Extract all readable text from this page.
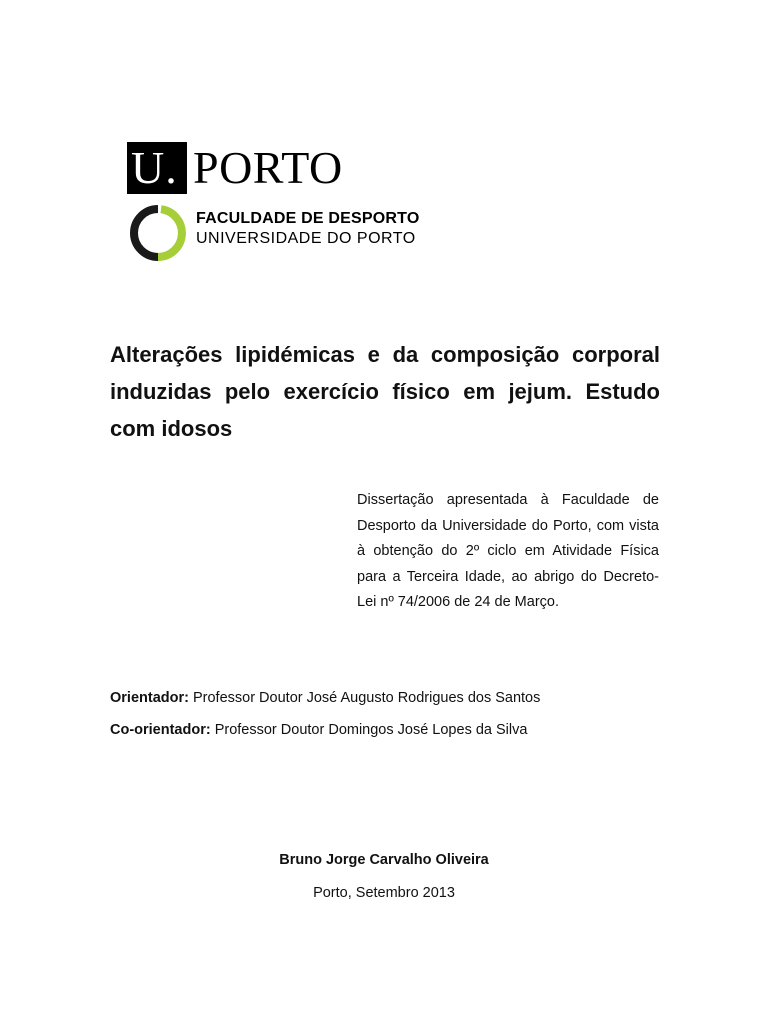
U. PORTO
FACULDADE DE DESPORTO
UNIVERSIDADE DO PORTO

Alterações lipidémicas e da composição corporal induzidas pelo exercício físico em jejum. Estudo com idosos

Dissertação apresentada à Faculdade de Desporto da Universidade do Porto, com vista à obtenção do 2º ciclo em Atividade Física para a Terceira Idade, ao abrigo do Decreto-Lei nº 74/2006 de 24 de Março.

Orientador: Professor Doutor José Augusto Rodrigues dos Santos

Co-orientador: Professor Doutor Domingos José Lopes da Silva

Bruno Jorge Carvalho Oliveira

Porto, Setembro 2013
